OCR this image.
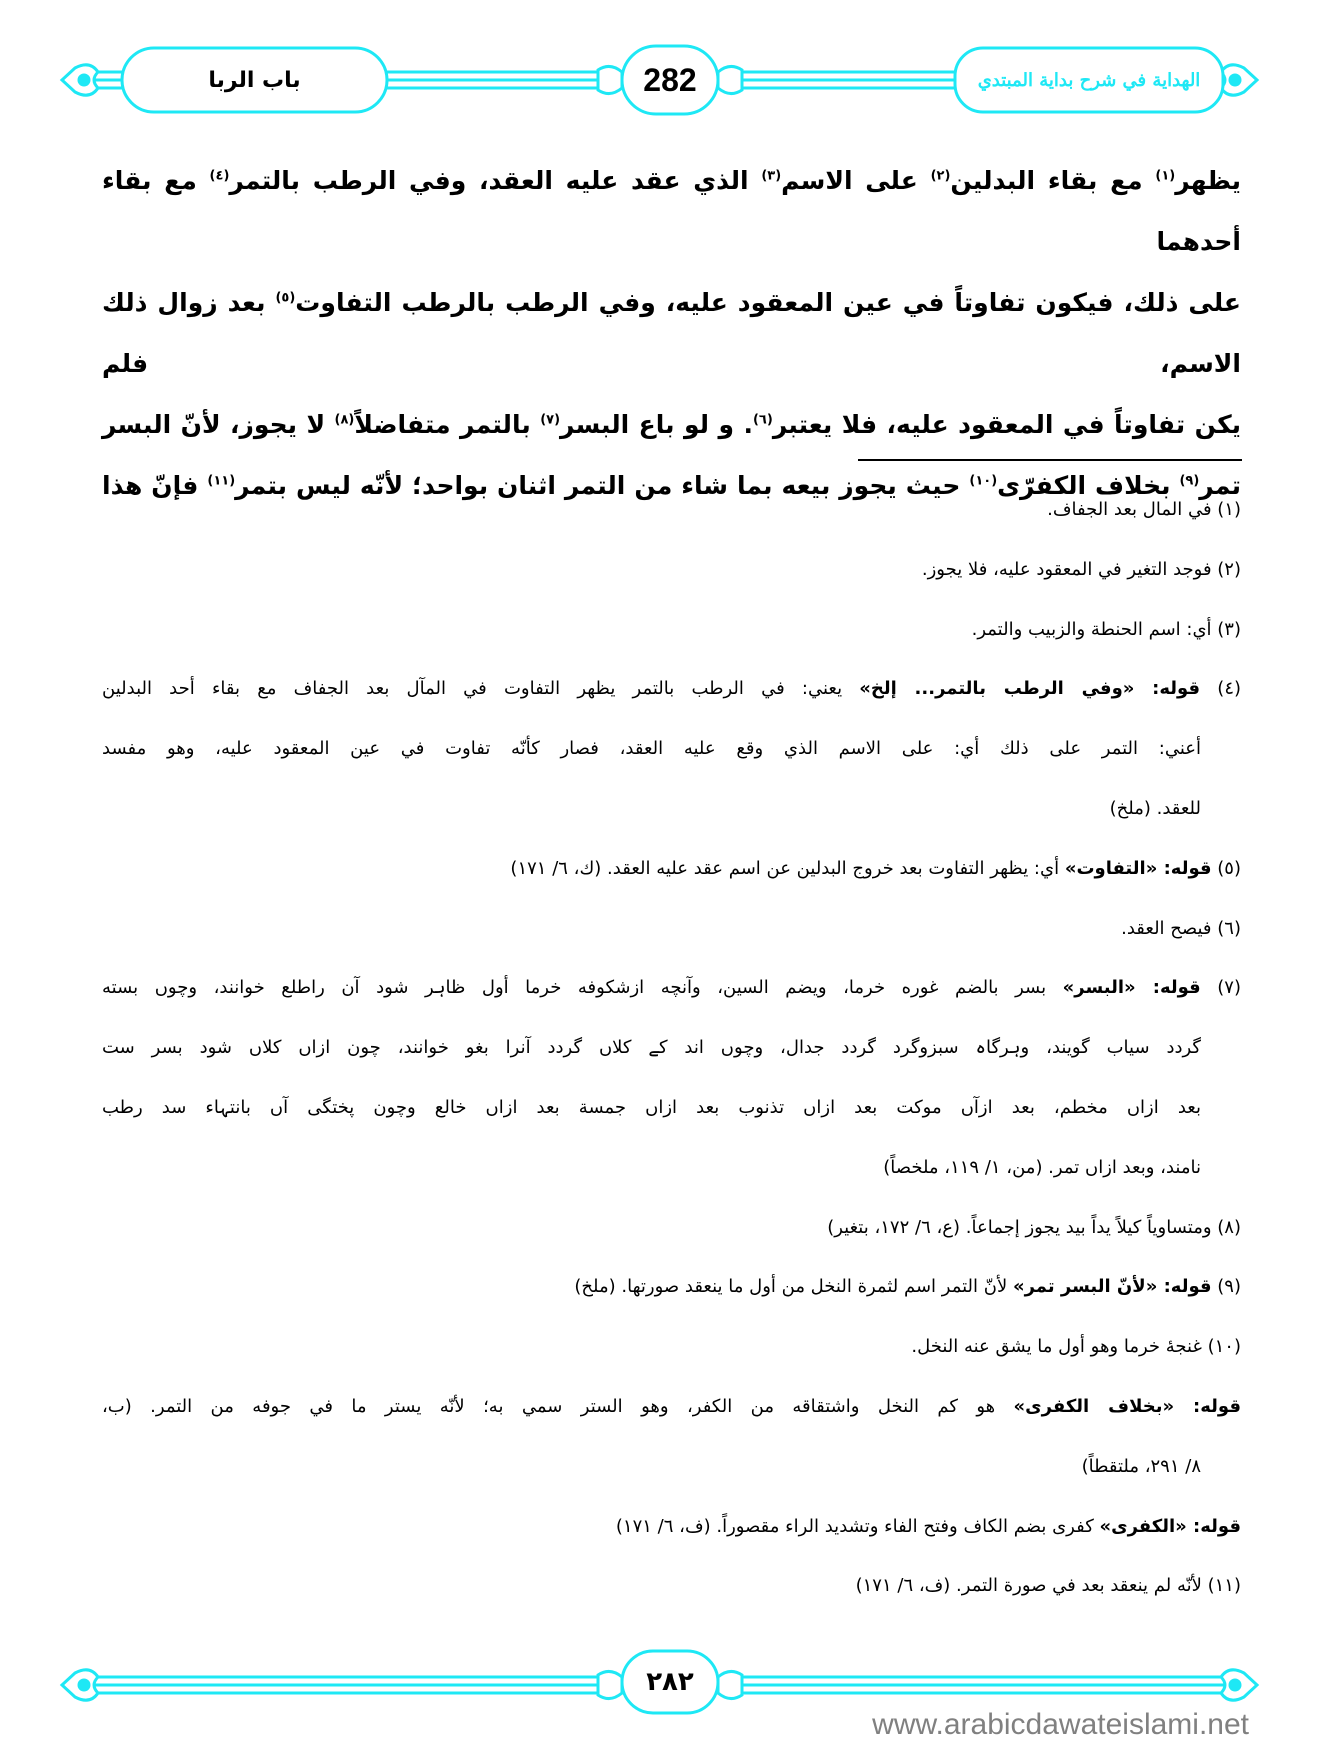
الهداية في شرح بداية المبتدي
282
باب الربا
يظهر$^{(١)}$ مع بقاء البدلين$^{(٢)}$ على الاسم$^{(٣)}$ الذي عقد عليه العقد، وفي الرطب بالتمر$^{(٤)}$ مع بقاء أحدهما
على ذلك، فيكون تفاوتاً في عين المعقود عليه، وفي الرطب بالرطب التفاوت$^{(٥)}$ بعد زوال ذلك الاسم، فلم
يكن تفاوتاً في المعقود عليه، فلا يعتبر$^{(٦)}$. و لو باع البسر$^{(٧)}$ بالتمر متفاضلاً$^{(٨)}$ لا يجوز، لأنّ البسر
تمر$^{(٩)}$ بخلاف الكفرّى$^{(١٠)}$ حيث يجوز بيعه بما شاء من التمر اثنان بواحد؛ لأنّه ليس بتمر$^{(١١)}$ فإنّ هذا
(١) في المال بعد الجفاف.
(٢) فوجد التغير في المعقود عليه، فلا يجوز.
(٣) أي: اسم الحنطة والزبيب والتمر.
(٤) قوله: «وفي الرطب بالتمر... إلخ» يعني: في الرطب بالتمر يظهر التفاوت في المآل بعد الجفاف مع بقاء أحد البدلين
أعني: التمر على ذلك أي: على الاسم الذي وقع عليه العقد، فصار كأنّه تفاوت في عين المعقود عليه، وهو مفسد
للعقد. (ملخ)
(٥) قوله: «التفاوت» أي: يظهر التفاوت بعد خروج البدلين عن اسم عقد عليه العقد. (ك، ٦/ ١٧١)
(٦) فيصح العقد.
(٧) قوله: «البسر» بسر بالضم غوره خرما، ويضم السين، وآنچه ازشكوفه خرما أول ظاہر شود آن راطلع خوانند، وچوں بسته
گردد سیاب گویند، وہرگاہ سبزوگرد گردد جدال، وچوں اند کے کلاں گردد آنرا بغو خوانند، چون ازاں کلاں شود بسر ست
بعد ازاں مخطم، بعد ازآں موکت بعد ازاں تذنوب بعد ازاں جمسة بعد ازاں خالع وچون پختگی آں بانتہاء سد رطب
نامند، وبعد ازاں تمر. (من، ١/ ١١٩، ملخصاً)
(٨) ومتساوياً كيلاً يداً بيد يجوز إجماعاً. (ع، ٦/ ١٧٢، بتغير)
(٩) قوله: «لأنّ البسر تمر» لأنّ التمر اسم لثمرة النخل من أول ما ينعقد صورتها. (ملخ)
(١٠) غنجهٔ خرما وهو أول ما يشق عنه النخل.
قوله: «بخلاف الكفرى» هو كم النخل واشتقاقه من الكفر، وهو الستر سمي به؛ لأنّه يستر ما في جوفه من التمر. (ب،
٨/ ٢٩١، ملتقطاً)
قوله: «الكفرى» كفرى بضم الكاف وفتح الفاء وتشديد الراء مقصوراً. (ف، ٦/ ١٧١)
(١١) لأنّه لم ينعقد بعد في صورة التمر. (ف، ٦/ ١٧١)
٢٨٢
www.arabicdawateislami.net
